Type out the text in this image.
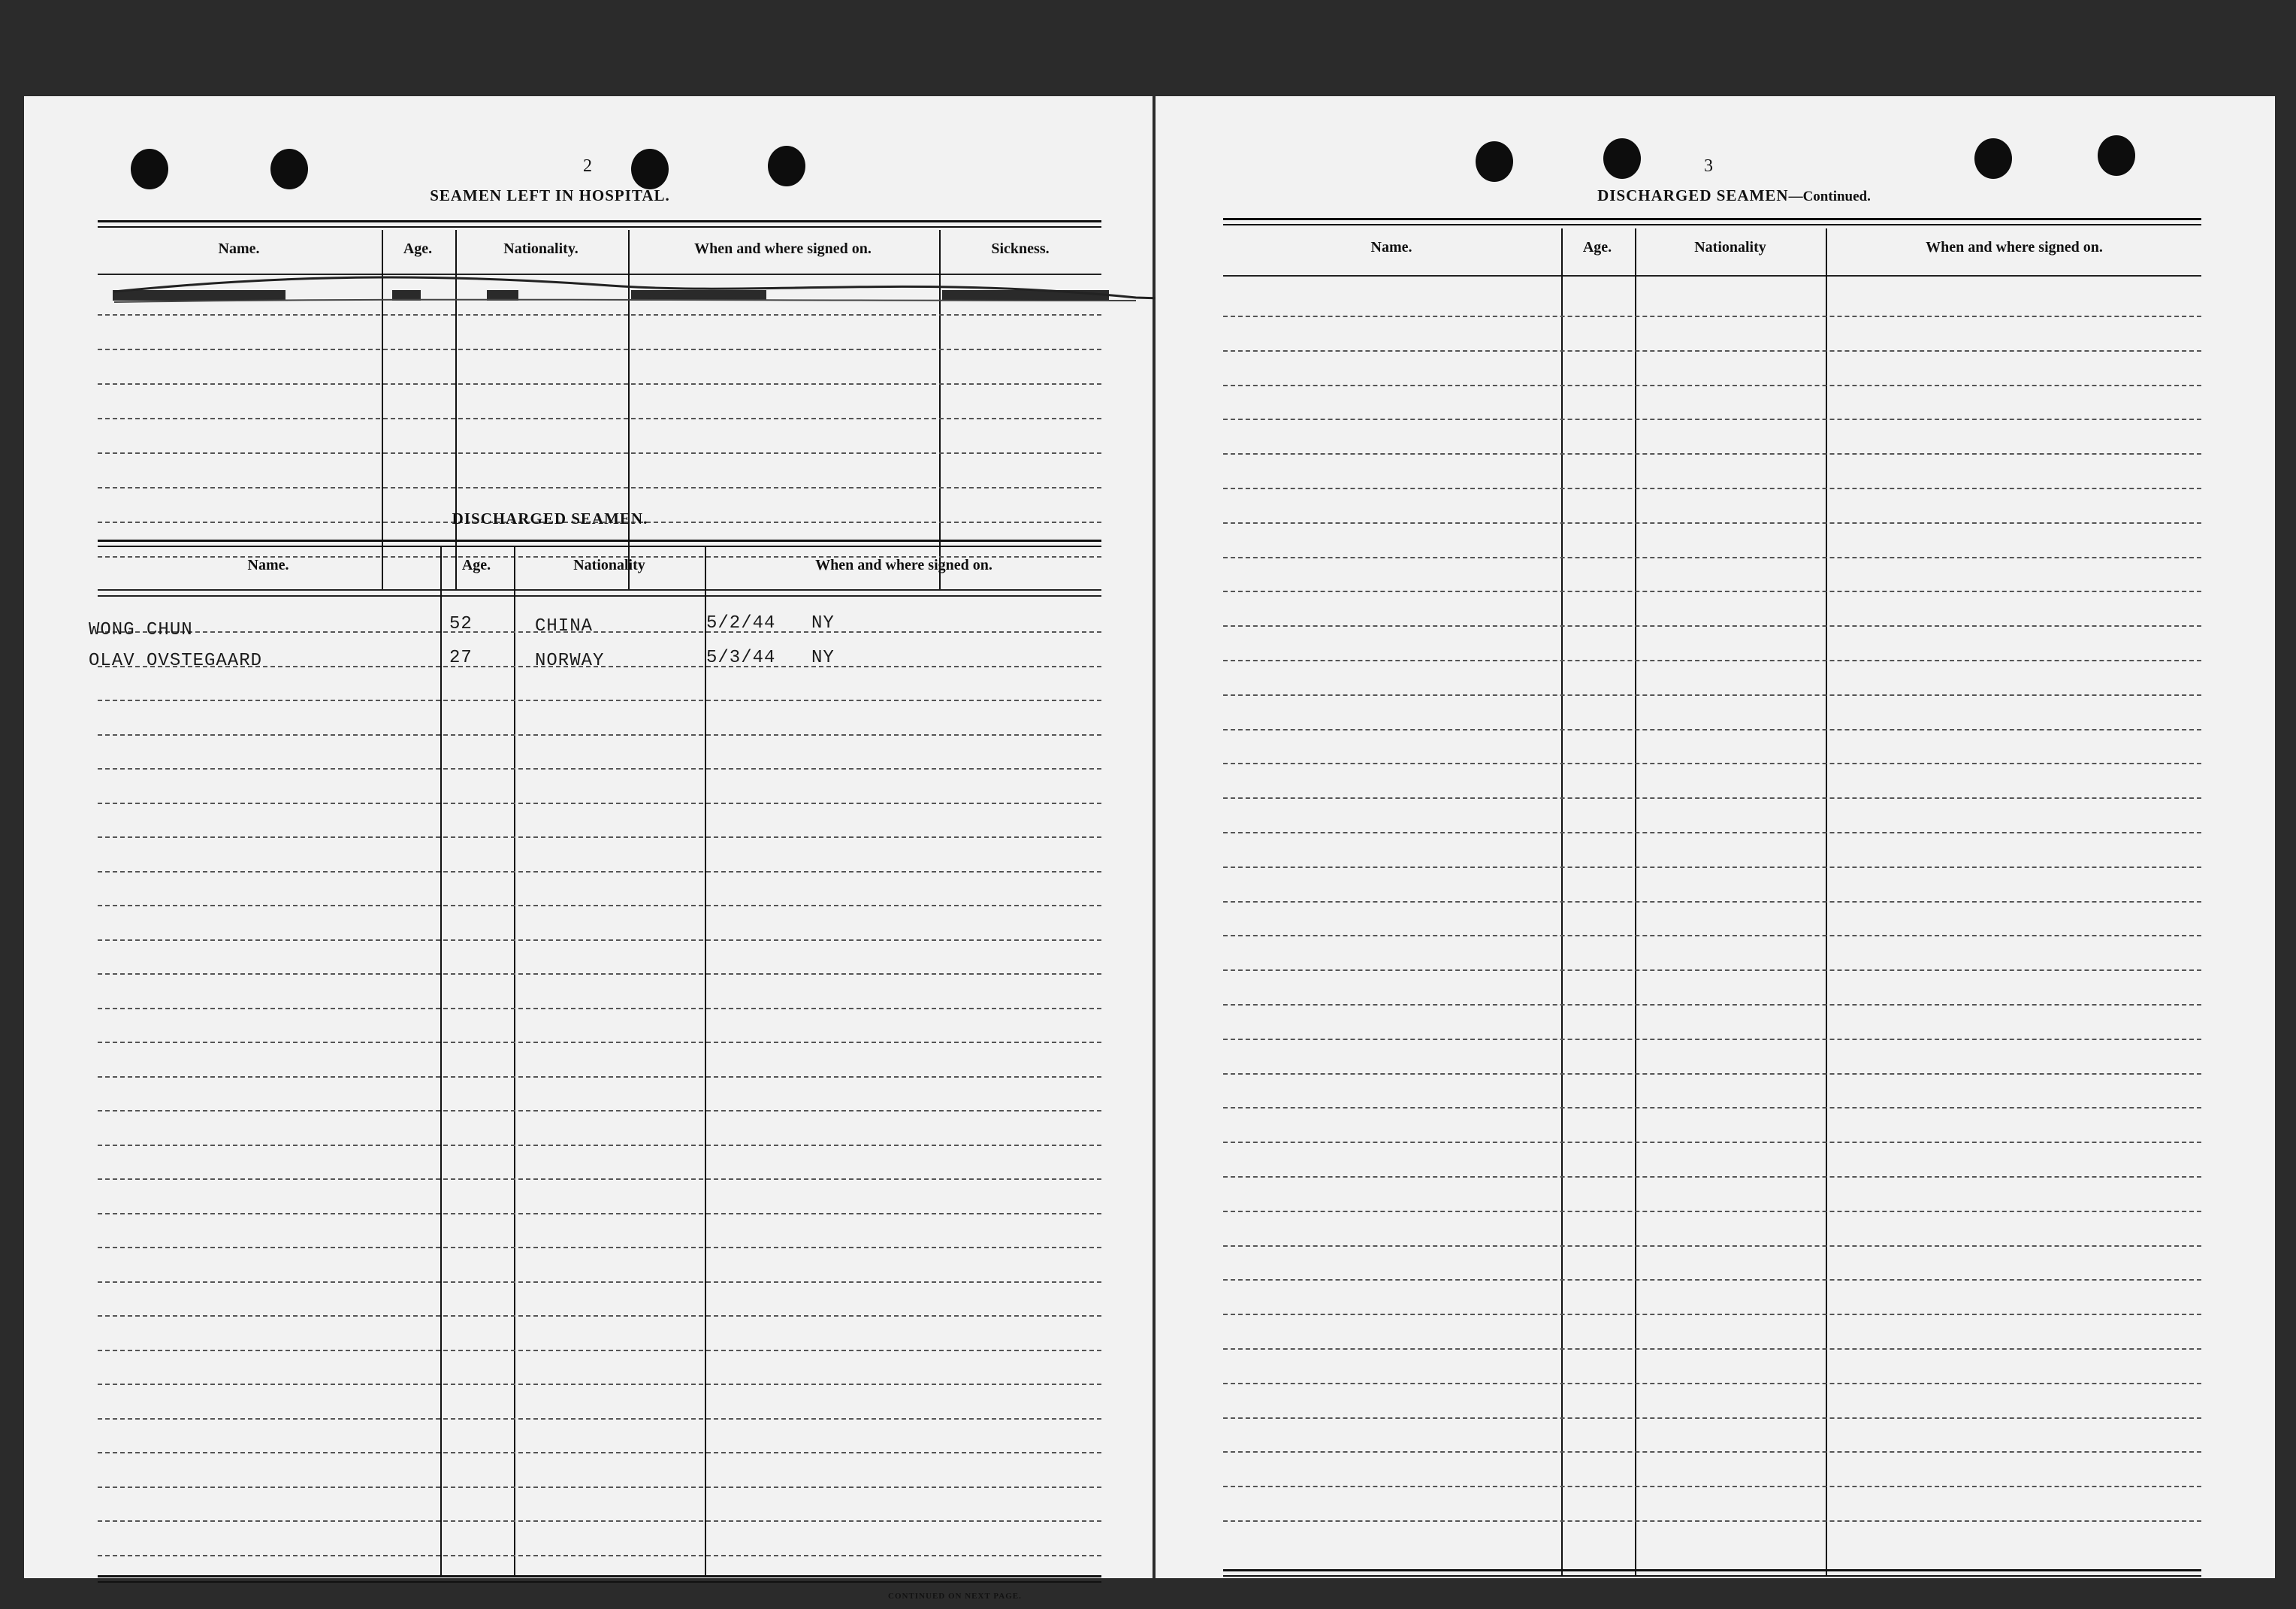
2
SEAMEN LEFT IN HOSPITAL.
Name.	Age.	Nationality.	When and where signed on.	Sickness.
DISCHARGED SEAMEN.
Name.	Age.	Nationality	When and where signed on.
WONG CHUN	52	CHINA	5/2/44 NY
OLAV OVSTEGAARD	27	NORWAY	5/3/44 NY
CONTINUED ON NEXT PAGE.
3
DISCHARGED SEAMEN—Continued.
Name.	Age.	Nationality	When and where signed on.
